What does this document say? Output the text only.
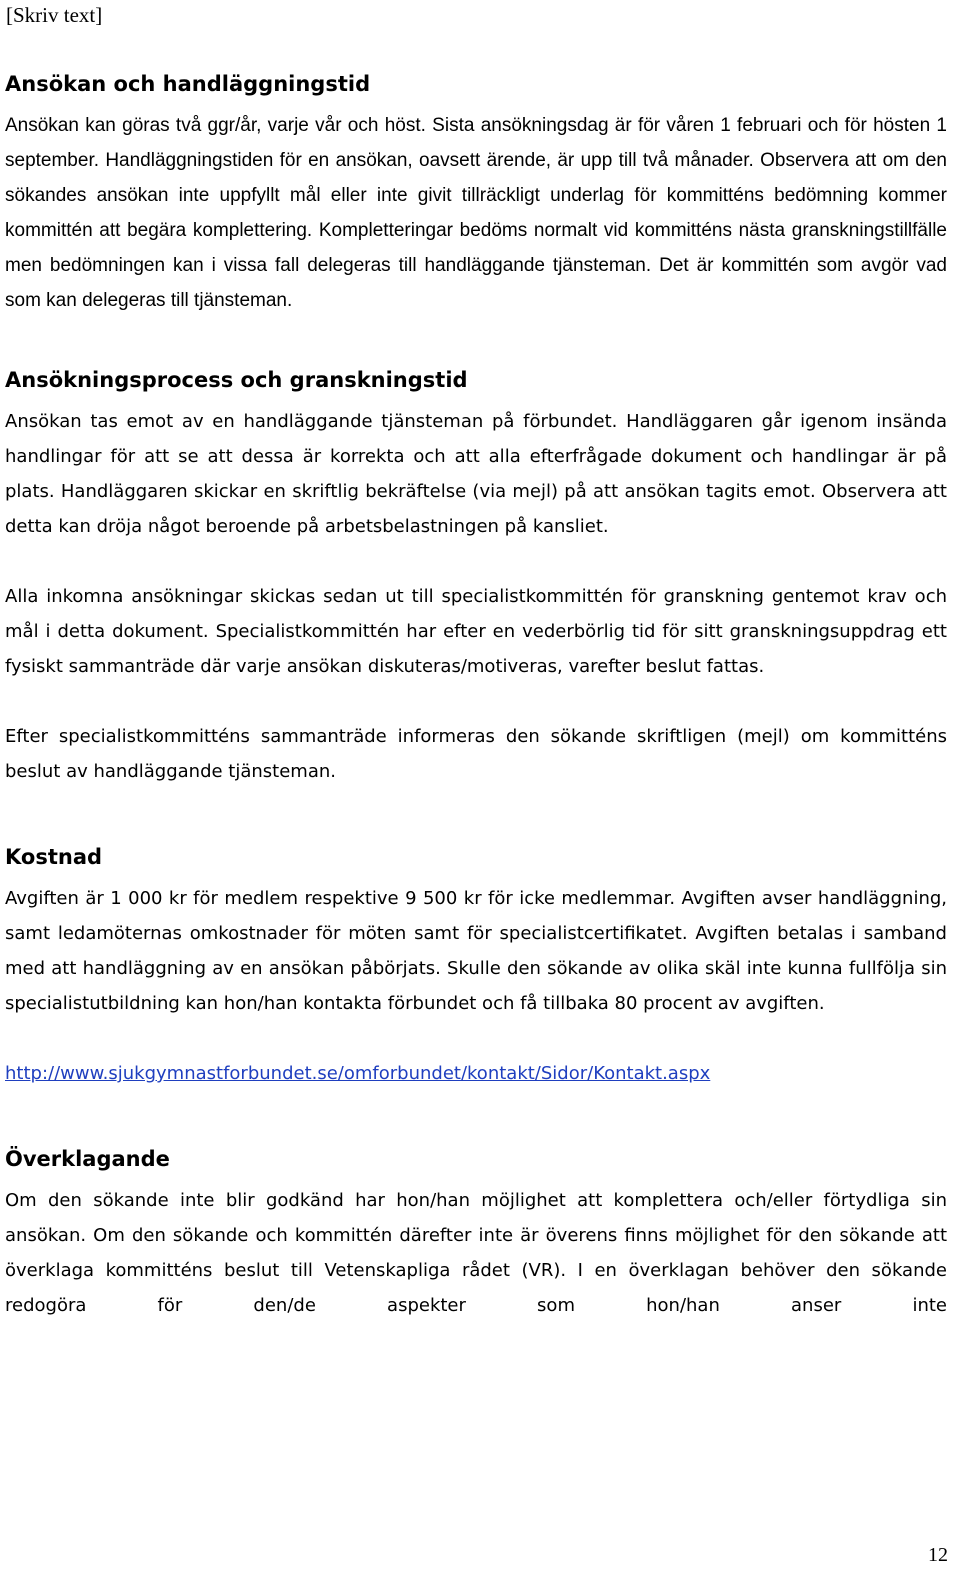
[Skriv text]
Ansökan och handläggningstid

Ansökan kan göras två ggr/år, varje vår och höst. Sista ansökningsdag är för våren 1 februari och för hösten 1 september. Handläggningstiden för en ansökan, oavsett ärende, är upp till två månader. Observera att om den sökandes ansökan inte uppfyllt mål eller inte givit tillräckligt underlag för kommitténs bedömning kommer kommittén att begära komplettering. Kompletteringar bedöms normalt vid kommitténs nästa granskningstillfälle men bedömningen kan i vissa fall delegeras till handläggande tjänsteman. Det är kommittén som avgör vad som kan delegeras till tjänsteman.

Ansökningsprocess och granskningstid

Ansökan tas emot av en handläggande tjänsteman på förbundet. Handläggaren går igenom insända handlingar för att se att dessa är korrekta och att alla efterfrågade dokument och handlingar är på plats. Handläggaren skickar en skriftlig bekräftelse (via mejl) på att ansökan tagits emot. Observera att detta kan dröja något beroende på arbetsbelastningen på kansliet.

Alla inkomna ansökningar skickas sedan ut till specialistkommittén för granskning gentemot krav och mål i detta dokument. Specialistkommittén har efter en vederbörlig tid för sitt granskningsuppdrag ett fysiskt sammanträde där varje ansökan diskuteras/motiveras, varefter beslut fattas.

Efter specialistkommitténs sammanträde informeras den sökande skriftligen (mejl) om kommitténs beslut av handläggande tjänsteman.

Kostnad

Avgiften är 1 000 kr för medlem respektive 9 500 kr för icke medlemmar. Avgiften avser handläggning, samt ledamöternas omkostnader för möten samt för specialistcertifikatet. Avgiften betalas i samband med att handläggning av en ansökan påbörjats. Skulle den sökande av olika skäl inte kunna fullfölja sin specialistutbildning kan hon/han kontakta förbundet och få tillbaka 80 procent av avgiften.

http://www.sjukgymnastforbundet.se/omforbundet/kontakt/Sidor/Kontakt.aspx
Överklagande

Om den sökande inte blir godkänd har hon/han möjlighet att komplettera och/eller förtydliga sin ansökan. Om den sökande och kommittén därefter inte är överens finns möjlighet för den sökande att överklaga kommitténs beslut till Vetenskapliga rådet (VR). I en överklagan behöver den sökande redogöra för den/de aspekter som hon/han anser inte

12
